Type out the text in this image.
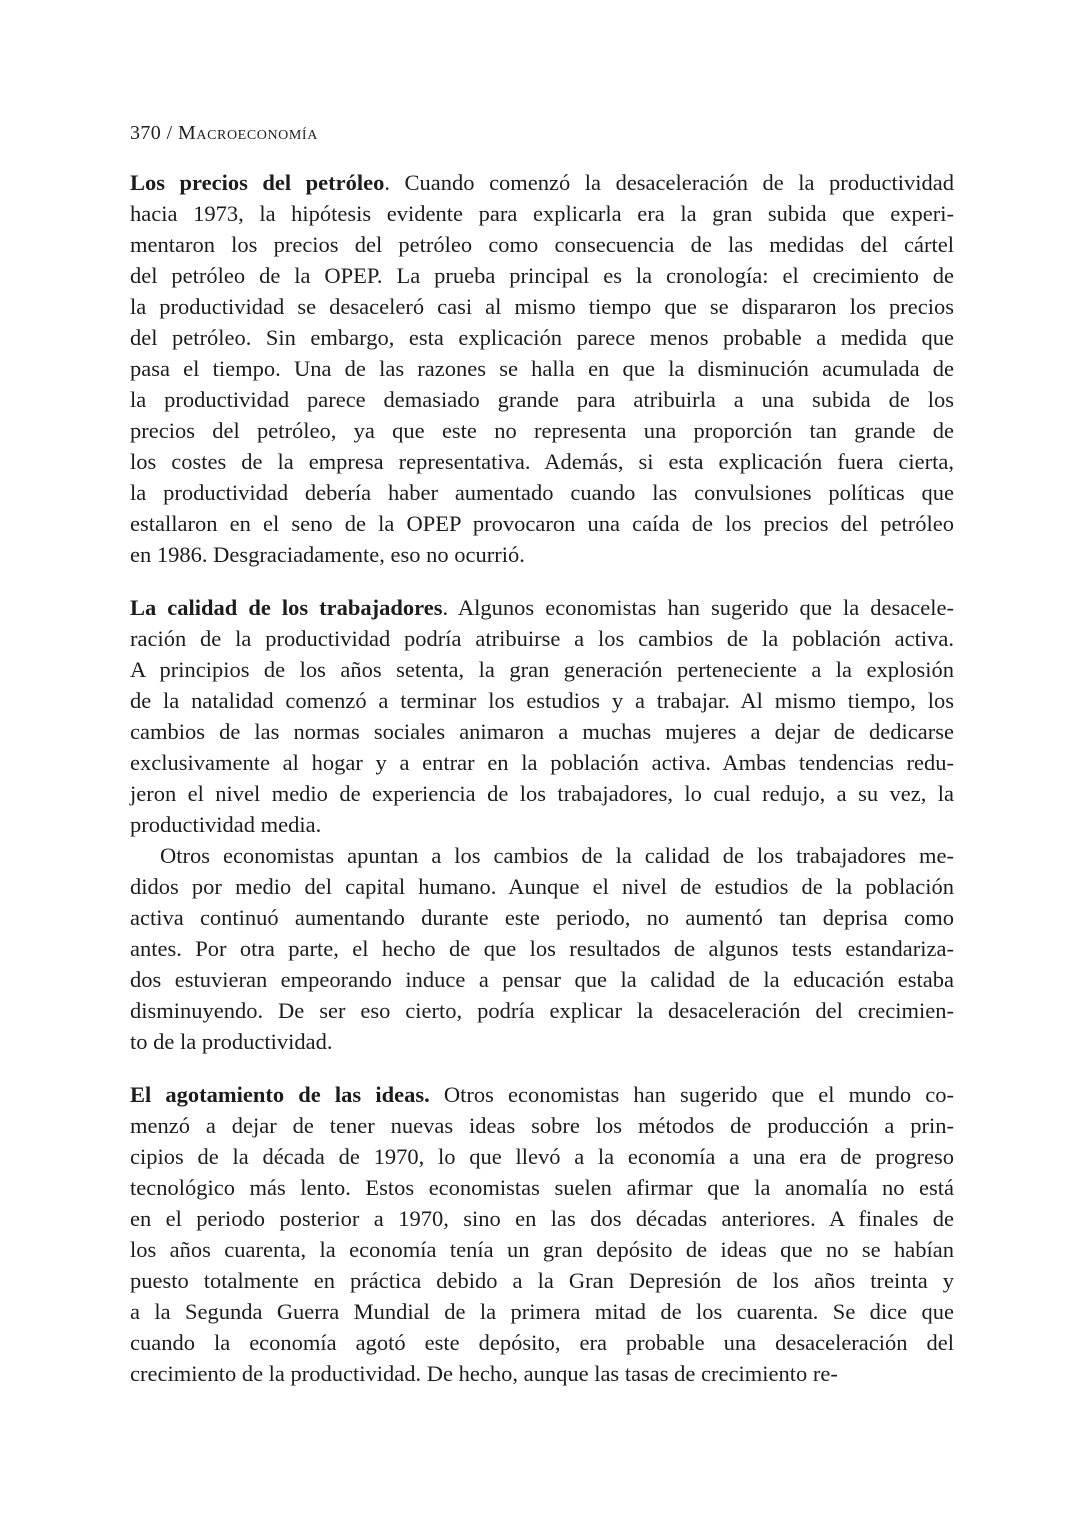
370 / Macroeconomía
Los precios del petróleo. Cuando comenzó la desaceleración de la productividad
hacia 1973, la hipótesis evidente para explicarla era la gran subida que experi-
mentaron los precios del petróleo como consecuencia de las medidas del cártel
del petróleo de la OPEP. La prueba principal es la cronología: el crecimiento de
la productividad se desaceleró casi al mismo tiempo que se dispararon los precios
del petróleo. Sin embargo, esta explicación parece menos probable a medida que
pasa el tiempo. Una de las razones se halla en que la disminución acumulada de
la productividad parece demasiado grande para atribuirla a una subida de los
precios del petróleo, ya que este no representa una proporción tan grande de
los costes de la empresa representativa. Además, si esta explicación fuera cierta,
la productividad debería haber aumentado cuando las convulsiones políticas que
estallaron en el seno de la OPEP provocaron una caída de los precios del petróleo
en 1986. Desgraciadamente, eso no ocurrió.
La calidad de los trabajadores. Algunos economistas han sugerido que la desacele-
ración de la productividad podría atribuirse a los cambios de la población activa.
A principios de los años setenta, la gran generación perteneciente a la explosión
de la natalidad comenzó a terminar los estudios y a trabajar. Al mismo tiempo, los
cambios de las normas sociales animaron a muchas mujeres a dejar de dedicarse
exclusivamente al hogar y a entrar en la población activa. Ambas tendencias redu-
jeron el nivel medio de experiencia de los trabajadores, lo cual redujo, a su vez, la
productividad media.
Otros economistas apuntan a los cambios de la calidad de los trabajadores me-
didos por medio del capital humano. Aunque el nivel de estudios de la población
activa continuó aumentando durante este periodo, no aumentó tan deprisa como
antes. Por otra parte, el hecho de que los resultados de algunos tests estandariza-
dos estuvieran empeorando induce a pensar que la calidad de la educación estaba
disminuyendo. De ser eso cierto, podría explicar la desaceleración del crecimien-
to de la productividad.
El agotamiento de las ideas. Otros economistas han sugerido que el mundo co-
menzó a dejar de tener nuevas ideas sobre los métodos de producción a prin-
cipios de la década de 1970, lo que llevó a la economía a una era de progreso
tecnológico más lento. Estos economistas suelen afirmar que la anomalía no está
en el periodo posterior a 1970, sino en las dos décadas anteriores. A finales de
los años cuarenta, la economía tenía un gran depósito de ideas que no se habían
puesto totalmente en práctica debido a la Gran Depresión de los años treinta y
a la Segunda Guerra Mundial de la primera mitad de los cuarenta. Se dice que
cuando la economía agotó este depósito, era probable una desaceleración del
crecimiento de la productividad. De hecho, aunque las tasas de crecimiento re-
